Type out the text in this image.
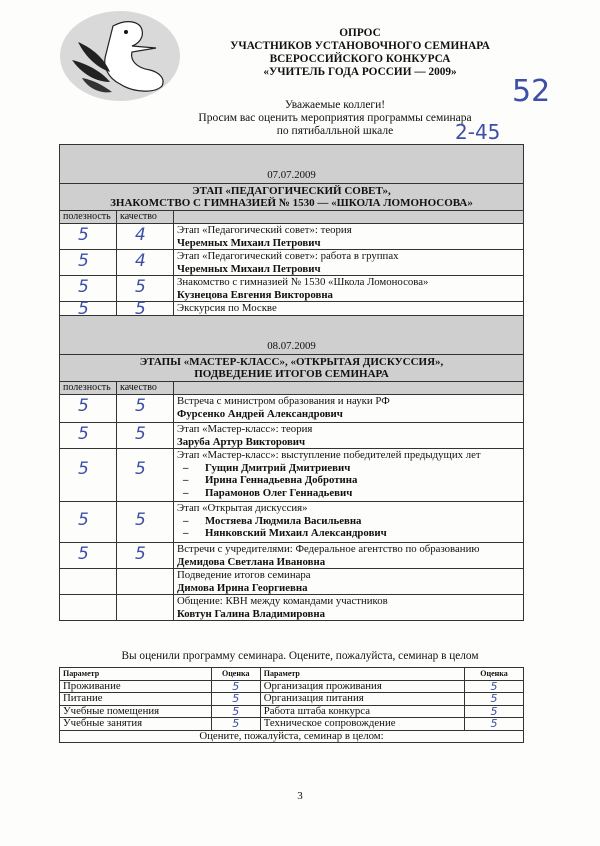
ОПРОС
УЧАСТНИКОВ УСТАНОВОЧНОГО СЕМИНАРА
ВСЕРОССИЙСКОГО КОНКУРСА
«УЧИТЕЛЬ ГОДА РОССИИ — 2009»
Уважаемые коллеги!
Просим вас оценить мероприятия программы семинара
по пятибалльной шкале
52
2-45
07.07.2009		

ЭТАП «ПЕДАГОГИЧЕСКИЙ СОВЕТ»,
ЗНАКОМСТВО С ГИМНАЗИЕЙ № 1530 — «ШКОЛА ЛОМОНОСОВА»		

полезность	качество	

5	4	Этап «Педагогический совет»: теория
Черемных Михаил Петрович

5	4	Этап «Педагогический совет»: работа в группах
Черемных Михаил Петрович

5	5	Знакомство с гимназией № 1530 «Школа Ломоносова»
Кузнецова Евгения Викторовна

5	5	Экскурсия по Москве
08.07.2009		

ЭТАПЫ «МАСТЕР-КЛАСС», «ОТКРЫТАЯ ДИСКУССИЯ»,
ПОДВЕДЕНИЕ ИТОГОВ СЕМИНАРА		

полезность	качество	

5	5	Встреча с министром образования и науки РФ
Фурсенко Андрей Александрович

5	5	Этап «Мастер-класс»: теория
Заруба Артур Викторович

5	5	Этап «Мастер-класс»: выступление победителей предыдущих лет
– Гущин Дмитрий Дмитриевич
– Ирина Геннадьевна Добротина
– Парамонов Олег Геннадьевич

5	5	Этап «Открытая дискуссия»
– Мостяева Людмила Васильевна
– Нянковский Михаил Александрович

5	5	Встречи с учредителями: Федеральное агентство по образованию
Демидова Светлана Ивановна

		Подведение итогов семинара
Димова Ирина Георгиевна

		Общение: КВН между командами участников
Ковтун Галина Владимировна
Вы оценили программу семинара. Оцените, пожалуйста, семинар в целом
Параметр	Оценка	Параметр	Оценка
Проживание	5	Организация проживания	5
Питание	5	Организация питания	5
Учебные помещения	5	Работа штаба конкурса	5
Учебные занятия	5	Техническое сопровождение	5
Оцените, пожалуйста, семинар в целом:			
3
